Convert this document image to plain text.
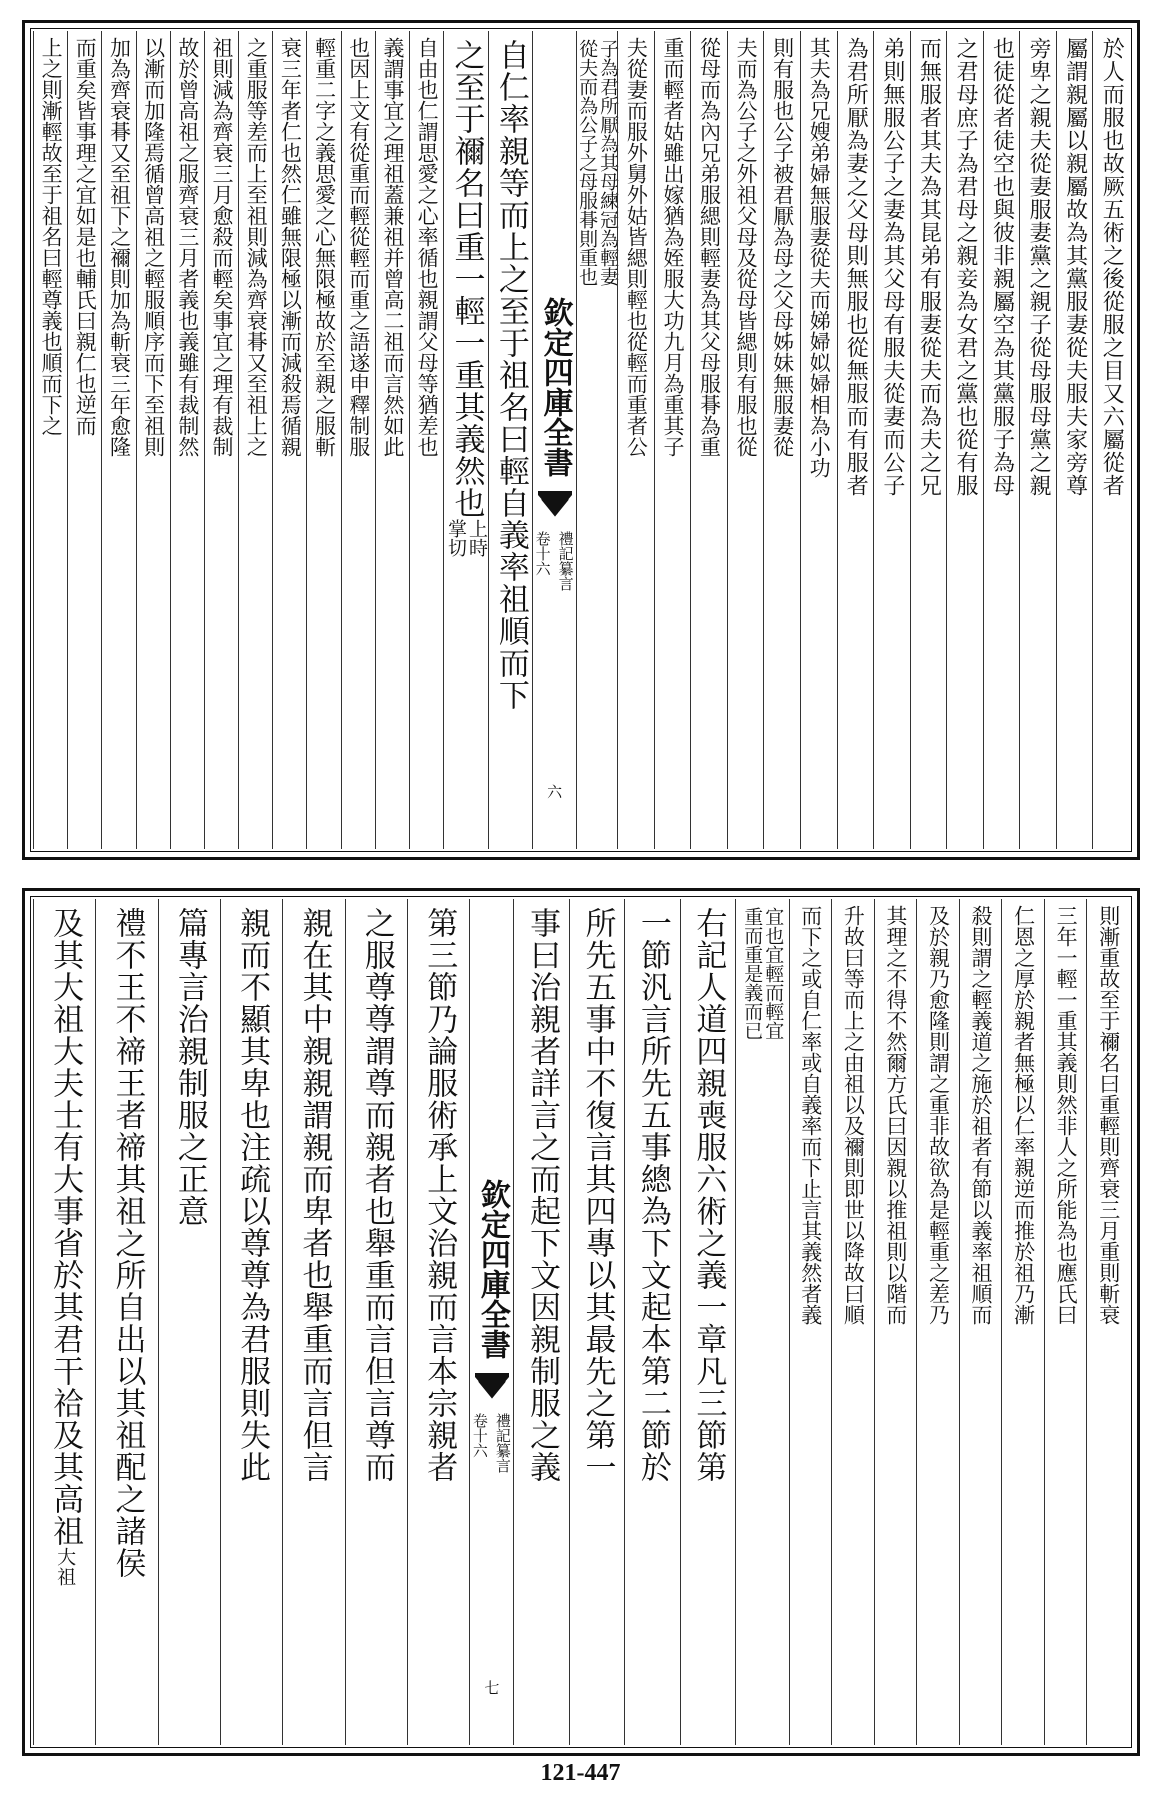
於人而服也故厥五術之後從服之目又六屬從者
屬謂親屬以親屬故為其黨服妻從夫服夫家旁尊
旁卑之親夫從妻服妻黨之親子從母服母黨之親
也徒從者徒空也與彼非親屬空為其黨服子為母
之君母庶子為君母之親妾為女君之黨也從有服
而無服者其夫為其昆弟有服妻從夫而為夫之兄
弟則無服公子之妻為其父母有服夫從妻而公子
為君所厭為妻之父母則無服也從無服而有服者
其夫為兄嫂弟婦無服妻從夫而娣婦姒婦相為小功
則有服也公子被君厭為母之父母姊妹無服妻從
夫而為公子之外祖父母及從母皆緦則有服也從
從母而為內兄弟服緦則輕妻為其父母服朞為重
重而輕者姑雖出嫁猶為姪服大功九月為重其子
夫從妻而服外舅外姑皆緦則輕也從輕而重者公
子為君所厭為其母練冠為輕妻
從夫而為公子之母服朞則重也
欽定四庫全書
禮記纂言
卷十六
六
自仁率親等而上之至于祖名曰輕自義率祖順而下
之至于禰名曰重一輕一重其義然也
上時
掌切
自由也仁謂思愛之心率循也親謂父母等猶差也
義謂事宜之理祖蓋兼祖并曾高二祖而言然如此
也因上文有從重而輕從輕而重之語遂申釋制服
輕重二字之義思愛之心無限極故於至親之服斬
衰三年者仁也然仁雖無限極以漸而減殺焉循親
之重服等差而上至祖則減為齊衰朞又至祖上之
祖則減為齊衰三月愈殺而輕矣事宜之理有裁制
故於曾高祖之服齊衰三月者義也義雖有裁制然
以漸而加隆焉循曾高祖之輕服順序而下至祖則
加為齊衰朞又至祖下之禰則加為斬衰三年愈隆
而重矣皆事理之宜如是也輔氏曰親仁也逆而
上之則漸輕故至于祖名曰輕尊義也順而下之
則漸重故至于禰名曰重輕則齊衰三月重則斬衰
三年一輕一重其義則然非人之所能為也應氏曰
仁恩之厚於親者無極以仁率親逆而推於祖乃漸
殺則謂之輕義道之施於祖者有節以義率祖順而
及於親乃愈隆則謂之重非故欲為是輕重之差乃
其理之不得不然爾方氏曰因親以推祖則以階而
升故曰等而上之由祖以及禰則即世以降故曰順
而下之或自仁率或自義率而下止言其義然者義
宜也宜輕而輕宜
重而重是義而已
右記人道四親喪服六術之義一章凡三節第
一節汎言所先五事總為下文起本第二節於
所先五事中不復言其四專以其最先之第一
事曰治親者詳言之而起下文因親制服之義
欽定四庫全書
禮記纂言
卷十六
七
第三節乃論服術承上文治親而言本宗親者
之服尊尊謂尊而親者也舉重而言但言尊而
親在其中親親謂親而卑者也舉重而言但言
親而不顯其卑也注疏以尊尊為君服則失此
篇專言治親制服之正意
禮不王不禘王者禘其祖之所自出以其祖配之諸侯
及其大祖大夫士有大事省於其君干祫及其高祖
大
祖
121-447
